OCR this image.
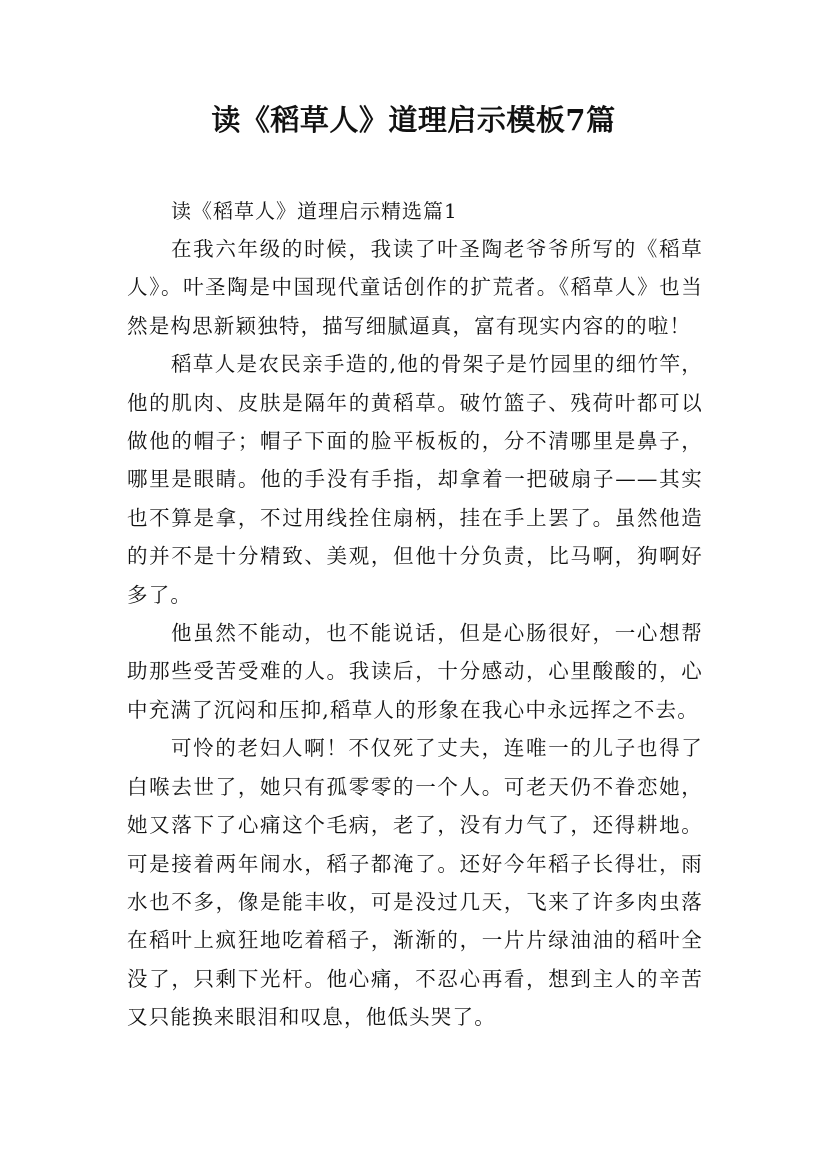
读《稻草人》道理启示模板7篇

读《稻草人》道理启示精选篇1

在我六年级的时候，我读了叶圣陶老爷爷所写的《稻草人》。叶圣陶是中国现代童话创作的扩荒者。《稻草人》也当然是构思新颖独特，描写细腻逼真，富有现实内容的的啦！

稻草人是农民亲手造的,他的骨架子是竹园里的细竹竿，他的肌肉、皮肤是隔年的黄稻草。破竹篮子、残荷叶都可以做他的帽子；帽子下面的脸平板板的，分不清哪里是鼻子，哪里是眼睛。他的手没有手指，却拿着一把破扇子——其实也不算是拿，不过用线拴住扇柄，挂在手上罢了。虽然他造的并不是十分精致、美观，但他十分负责，比马啊，狗啊好多了。

他虽然不能动，也不能说话，但是心肠很好，一心想帮助那些受苦受难的人。我读后，十分感动，心里酸酸的，心中充满了沉闷和压抑,稻草人的形象在我心中永远挥之不去。

可怜的老妇人啊！不仅死了丈夫，连唯一的儿子也得了白喉去世了，她只有孤零零的一个人。可老天仍不眷恋她，她又落下了心痛这个毛病，老了，没有力气了，还得耕地。可是接着两年闹水，稻子都淹了。还好今年稻子长得壮，雨水也不多，像是能丰收，可是没过几天，飞来了许多肉虫落在稻叶上疯狂地吃着稻子，渐渐的，一片片绿油油的稻叶全没了，只剩下光杆。他心痛，不忍心再看，想到主人的辛苦又只能换来眼泪和叹息，他低头哭了。
